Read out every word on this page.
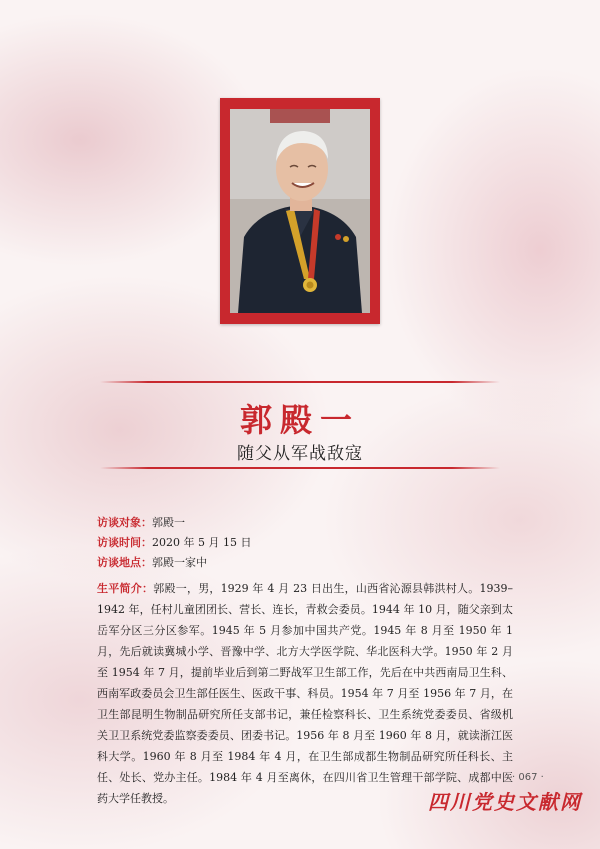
郭殿一
随父从军战敌寇
访谈对象：郭殿一
访谈时间：2020 年 5 月 15 日
访谈地点：郭殿一家中
生平简介：郭殿一，男，1929 年 4 月 23 日出生，山西省沁源县韩洪村人。1939–1942 年，任村儿童团团长、营长、连长，青救会委员。1944 年 10 月，随父亲到太岳军分区三分区参军。1945 年 5 月参加中国共产党。1945 年 8 月至 1950 年 1 月，先后就读冀城小学、晋豫中学、北方大学医学院、华北医科大学。1950 年 2 月至 1954 年 7 月，提前毕业后到第二野战军卫生部工作，先后在中共西南局卫生科、西南军政委员会卫生部任医生、医政干事、科员。1954 年 7 月至 1956 年 7 月，在卫生部昆明生物制品研究所任支部书记，兼任检察科长、卫生系统党委委员、省级机关卫卫系统党委监察委委员、团委书记。1956 年 8 月至 1960 年 8 月，就读浙江医科大学。1960 年 8 月至 1984 年 4 月，在卫生部成都生物制品研究所任科长、主任、处长、党办主任。1984 年 4 月至离休，在四川省卫生管理干部学院、成都中医药大学任教授。
· 067 ·
四川党史文献网
